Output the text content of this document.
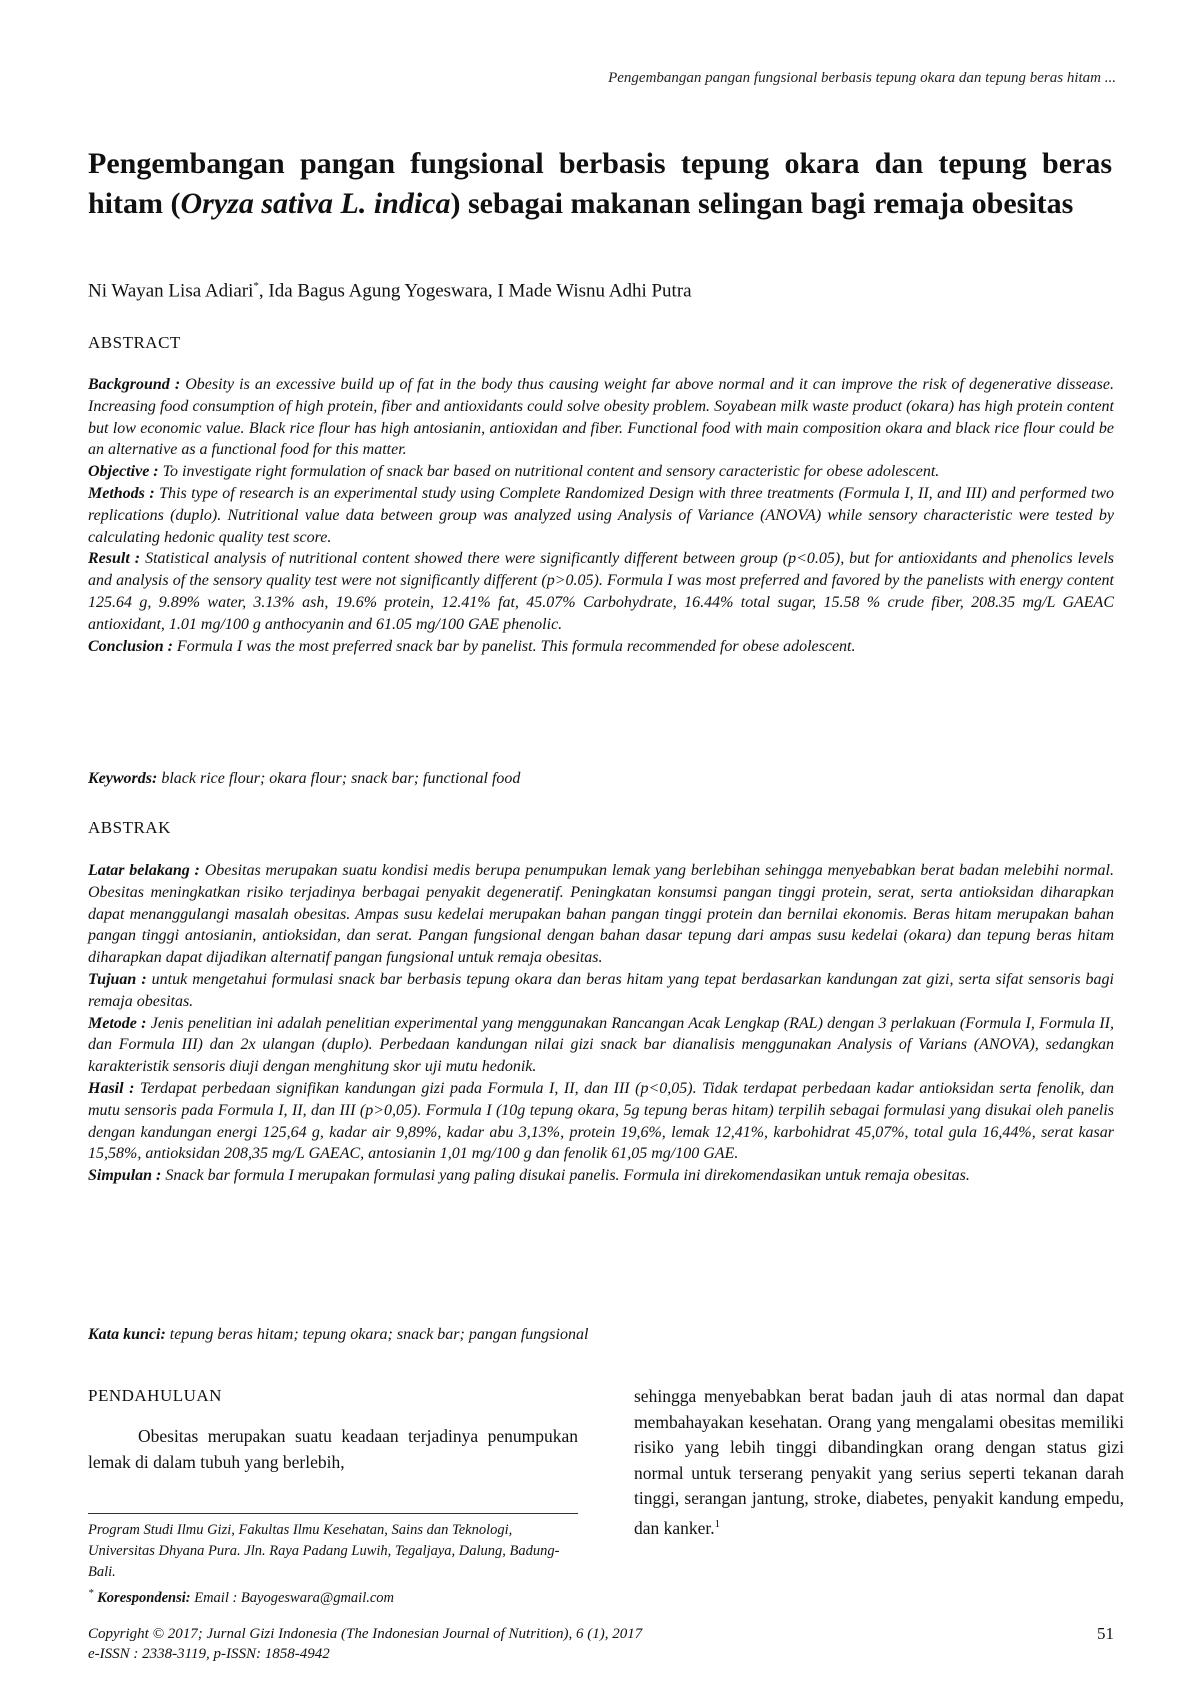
Pengembangan pangan fungsional berbasis tepung okara dan tepung beras hitam ...
Pengembangan pangan fungsional berbasis tepung okara dan tepung beras hitam (Oryza sativa L. indica) sebagai makanan selingan bagi remaja obesitas
Ni Wayan Lisa Adiari*, Ida Bagus Agung Yogeswara, I Made Wisnu Adhi Putra
ABSTRACT

Background : Obesity is an excessive build up of fat in the body thus causing weight far above normal and it can improve the risk of degenerative dissease. Increasing food consumption of high protein, fiber and antioxidants could solve obesity problem. Soyabean milk waste product (okara) has high protein content but low economic value. Black rice flour has high antosianin, antioxidan and fiber. Functional food with main composition okara and black rice flour could be an alternative as a functional food for this matter.

Objective : To investigate right formulation of snack bar based on nutritional content and sensory caracteristic for obese adolescent.

Methods : This type of research is an experimental study using Complete Randomized Design with three treatments (Formula I, II, and III) and performed two replications (duplo). Nutritional value data between group was analyzed using Analysis of Variance (ANOVA) while sensory characteristic were tested by calculating hedonic quality test score.

Result : Statistical analysis of nutritional content showed there were significantly different between group (p<0.05), but for antioxidants and phenolics levels and analysis of the sensory quality test were not significantly different (p>0.05). Formula I was most preferred and favored by the panelists with energy content 125.64 g, 9.89% water, 3.13% ash, 19.6% protein, 12.41% fat, 45.07% Carbohydrate, 16.44% total sugar, 15.58 % crude fiber, 208.35 mg/L GAEAC antioxidant, 1.01 mg/100 g anthocyanin and 61.05 mg/100 GAE phenolic.

Conclusion : Formula I was the most preferred snack bar by panelist. This formula recommended for obese adolescent.

Keywords: black rice flour; okara flour; snack bar; functional food
ABSTRAK

Latar belakang : Obesitas merupakan suatu kondisi medis berupa penumpukan lemak yang berlebihan sehingga menyebabkan berat badan melebihi normal. Obesitas meningkatkan risiko terjadinya berbagai penyakit degeneratif. Peningkatan konsumsi pangan tinggi protein, serat, serta antioksidan diharapkan dapat menanggulangi masalah obesitas. Ampas susu kedelai merupakan bahan pangan tinggi protein dan bernilai ekonomis. Beras hitam merupakan bahan pangan tinggi antosianin, antioksidan, dan serat. Pangan fungsional dengan bahan dasar tepung dari ampas susu kedelai (okara) dan tepung beras hitam diharapkan dapat dijadikan alternatif pangan fungsional untuk remaja obesitas.

Tujuan : untuk mengetahui formulasi snack bar berbasis tepung okara dan beras hitam yang tepat berdasarkan kandungan zat gizi, serta sifat sensoris bagi remaja obesitas.

Metode : Jenis penelitian ini adalah penelitian experimental yang menggunakan Rancangan Acak Lengkap (RAL) dengan 3 perlakuan (Formula I, Formula II, dan Formula III) dan 2x ulangan (duplo). Perbedaan kandungan nilai gizi snack bar dianalisis menggunakan Analysis of Varians (ANOVA), sedangkan karakteristik sensoris diuji dengan menghitung skor uji mutu hedonik.

Hasil : Terdapat perbedaan signifikan kandungan gizi pada Formula I, II, dan III (p<0,05). Tidak terdapat perbedaan kadar antioksidan serta fenolik, dan mutu sensoris pada Formula I, II, dan III (p>0,05). Formula I (10g tepung okara, 5g tepung beras hitam) terpilih sebagai formulasi yang disukai oleh panelis dengan kandungan energi 125,64 g, kadar air 9,89%, kadar abu 3,13%, protein 19,6%, lemak 12,41%, karbohidrat 45,07%, total gula 16,44%, serat kasar 15,58%, antioksidan 208,35 mg/L GAEAC, antosianin 1,01 mg/100 g dan fenolik 61,05 mg/100 GAE.

Simpulan : Snack bar formula I merupakan formulasi yang paling disukai panelis. Formula ini direkomendasikan untuk remaja obesitas.

Kata kunci: tepung beras hitam; tepung okara; snack bar; pangan fungsional
PENDAHULUAN

Obesitas merupakan suatu keadaan terjadinya penumpukan lemak di dalam tubuh yang berlebih,

sehingga menyebabkan berat badan jauh di atas normal dan dapat membahayakan kesehatan. Orang yang mengalami obesitas memiliki risiko yang lebih tinggi dibandingkan orang dengan status gizi normal untuk terserang penyakit yang serius seperti tekanan darah tinggi, serangan jantung, stroke, diabetes, penyakit kandung empedu, dan kanker.$^1$

Program Studi Ilmu Gizi, Fakultas Ilmu Kesehatan, Sains dan Teknologi, Universitas Dhyana Pura. Jln. Raya Padang Luwih, Tegaljaya, Dalung, Badung-Bali.

* Korespondensi: Email : Bayogeswara@gmail.com

Copyright © 2017; Jurnal Gizi Indonesia (The Indonesian Journal of Nutrition), 6 (1), 2017
e-ISSN : 2338-3119, p-ISSN: 1858-4942
51
